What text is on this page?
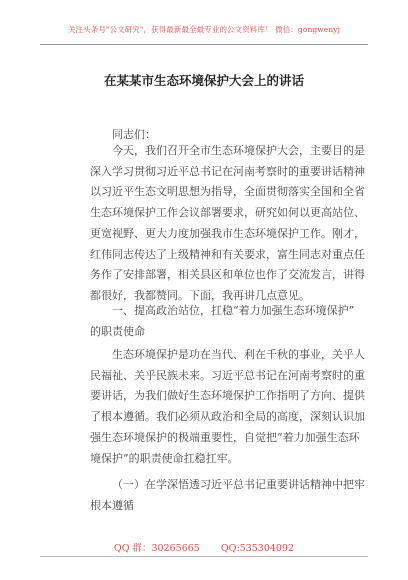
关注头条号"公文研究"，获得最新最全最专业的公文资料库！ 微信：gongwenyj
在某某市生态环境保护大会上的讲话
同志们：
今天，我们召开全市生态环境保护大会，主要目的是
深入学习贯彻习近平总书记在河南考察时的重要讲话精神
以习近平生态文明思想为指导，全面贯彻落实全国和全省
生态环境保护工作会议部署要求，研究如何以更高站位、
更宽视野、更大力度加强我市生态环境保护工作。刚才，
红伟同志传达了上级精神和有关要求，富生同志对重点任
务作了安排部署，相关县区和单位也作了交流发言，讲得
都很好，我都赞同。下面，我再讲几点意见。
一、提高政治站位，扛稳“着力加强生态环境保护”
的职责使命
生态环境保护是功在当代、利在千秋的事业，关乎人
民福祉、关乎民族未来。习近平总书记在河南考察时的重
要讲话，为我们做好生态环境保护工作指明了方向、提供
了根本遵循。我们必须从政治和全局的高度，深刻认识加
强生态环境保护的极端重要性，自觉把“着力加强生态环
境保护”的职责使命扛稳扛牢。
（一）在学深悟透习近平总书记重要讲话精神中把牢
根本遵循
QQ 群：30265665 QQ:535304092
